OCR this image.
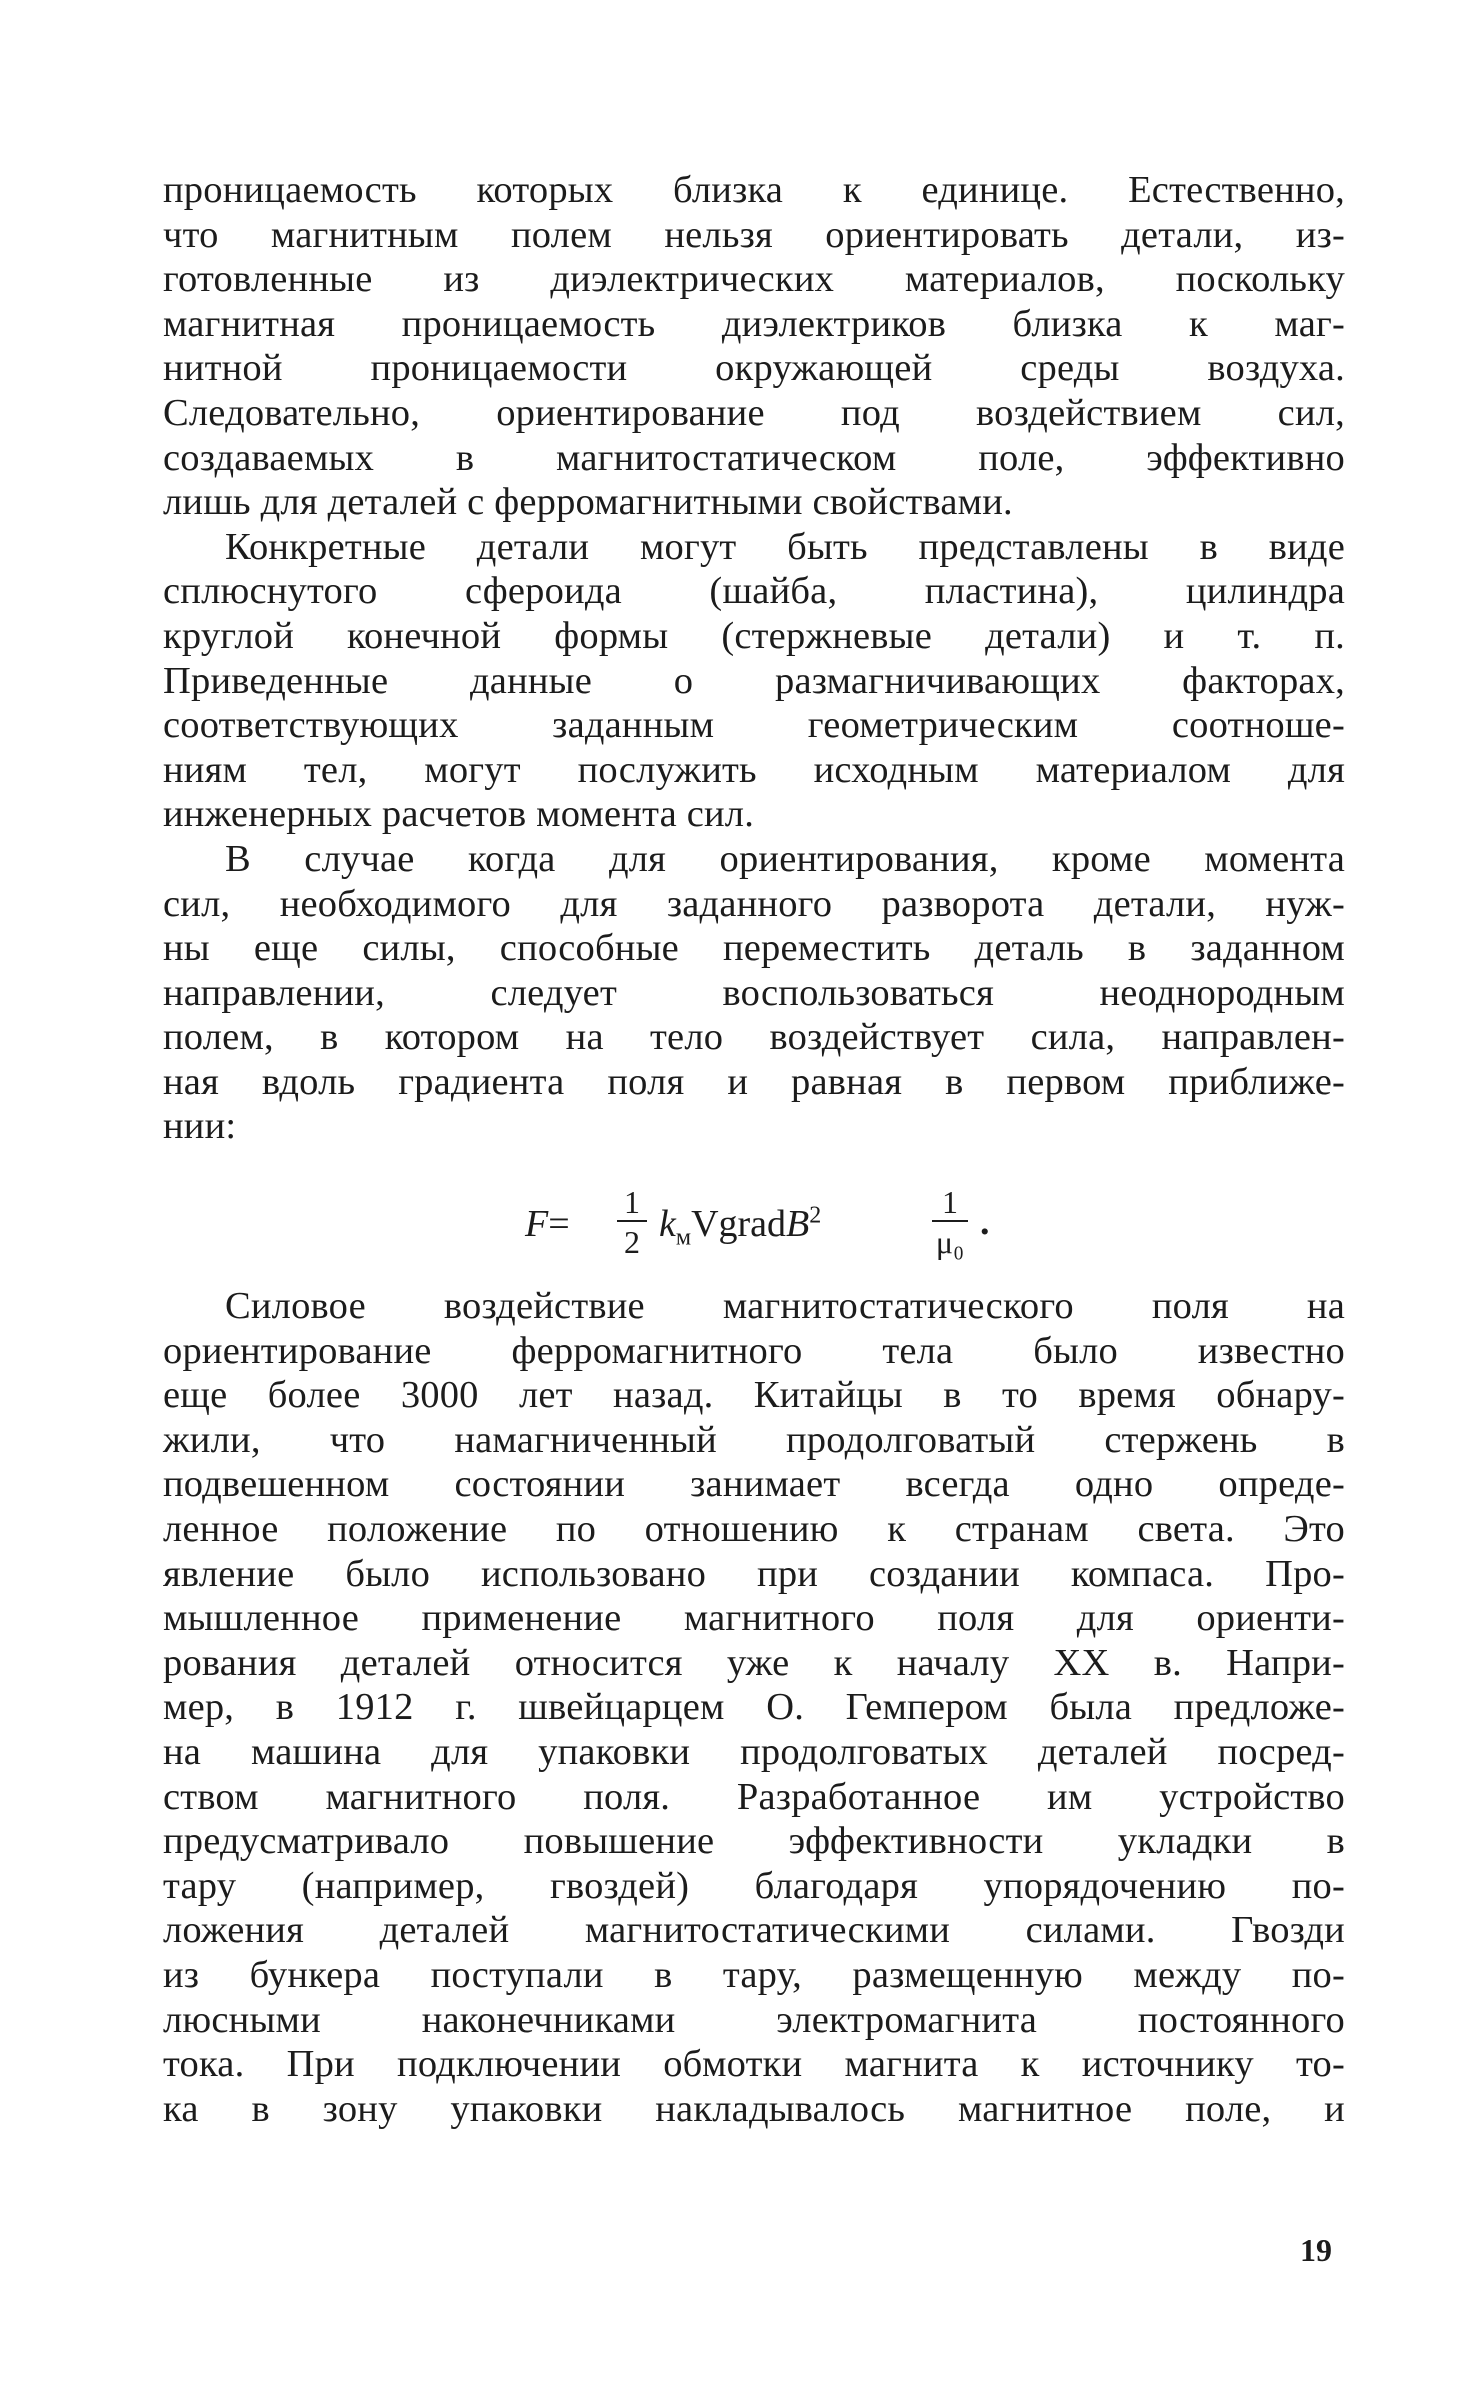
проницаемость которых близка к единице. Естественно,
что магнитным полем нельзя ориентировать детали, из-
готовленные из диэлектрических материалов, поскольку
магнитная проницаемость диэлектриков близка к маг-
нитной проницаемости окружающей среды воздуха.
Следовательно, ориентирование под воздействием сил,
создаваемых в магнитостатическом поле, эффективно
лишь для деталей с ферромагнитными свойствами.
Конкретные детали могут быть представлены в виде
сплюснутого сфероида (шайба, пластина), цилиндра
круглой конечной формы (стержневые детали) и т. п.
Приведенные данные о размагничивающих факторах,
соответствующих заданным геометрическим соотноше-
ниям тел, могут послужить исходным материалом для
инженерных расчетов момента сил.
В случае когда для ориентирования, кроме момента
сил, необходимого для заданного разворота детали, нуж-
ны еще силы, способные переместить деталь в заданном
направлении, следует воспользоваться неоднородным
полем, в котором на тело воздействует сила, направлен-
ная вдоль градиента поля и равная в первом приближе-
нии:
Силовое воздействие магнитостатического поля на
ориентирование ферромагнитного тела было известно
еще более 3000 лет назад. Китайцы в то время обнару-
жили, что намагниченный продолговатый стержень в
подвешенном состоянии занимает всегда одно опреде-
ленное положение по отношению к странам света. Это
явление было использовано при создании компаса. Про-
мышленное применение магнитного поля для ориенти-
рования деталей относится уже к началу XX в. Напри-
мер, в 1912 г. швейцарцем О. Гемпером была предложе-
на машина для упаковки продолговатых деталей посред-
ством магнитного поля. Разработанное им устройство
предусматривало повышение эффективности укладки в
тару (например, гвоздей) благодаря упорядочению по-
ложения деталей магнитостатическими силами. Гвозди
из бункера поступали в тару, размещенную между по-
люсными наконечниками электромагнита постоянного
тока. При подключении обмотки магнита к источнику то-
ка в зону упаковки накладывалось магнитное поле, и
F=
1
2 $k_мVgradB^2$	1
μ₀ .
19
